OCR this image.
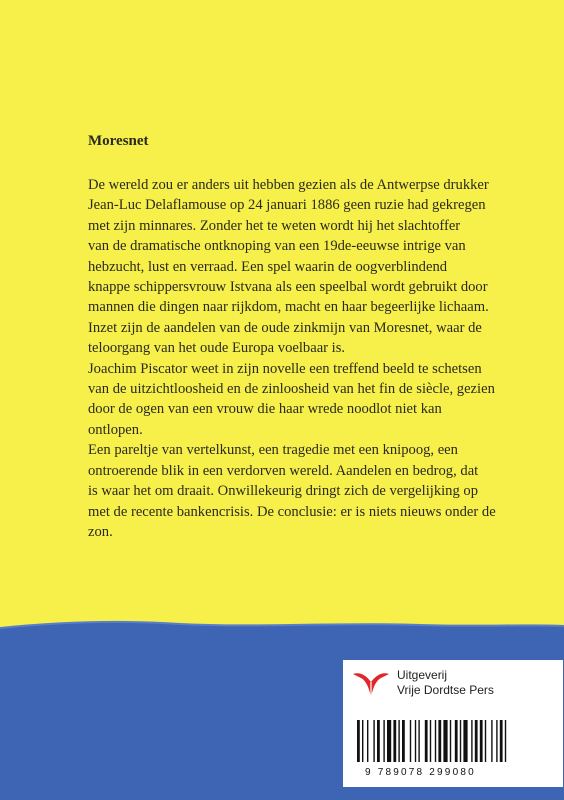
Moresnet

De wereld zou er anders uit hebben gezien als de Antwerpse drukker

Jean-Luc Delaflamouse op 24 januari 1886 geen ruzie had gekregen

met zijn minnares. Zonder het te weten wordt hij het slachtoffer

van de dramatische ontknoping van een 19de-eeuwse intrige van

hebzucht, lust en verraad. Een spel waarin de oogverblindend

knappe schippersvrouw Istvana als een speelbal wordt gebruikt door

mannen die dingen naar rijkdom, macht en haar begeerlijke lichaam.

Inzet zijn de aandelen van de oude zinkmijn van Moresnet, waar de

teloorgang van het oude Europa voelbaar is.

Joachim Piscator weet in zijn novelle een treffend beeld te schetsen

van de uitzichtloosheid en de zinloosheid van het fin de siècle, gezien

door de ogen van een vrouw die haar wrede noodlot niet kan

ontlopen.

Een pareltje van vertelkunst, een tragedie met een knipoog, een

ontroerende blik in een verdorven wereld. Aandelen en bedrog, dat

is waar het om draait. Onwillekeurig dringt zich de vergelijking op

met de recente bankencrisis. De conclusie: er is niets nieuws onder de

zon.

Uitgeverij
Vrije Dordtse Pers
9 789078 299080
